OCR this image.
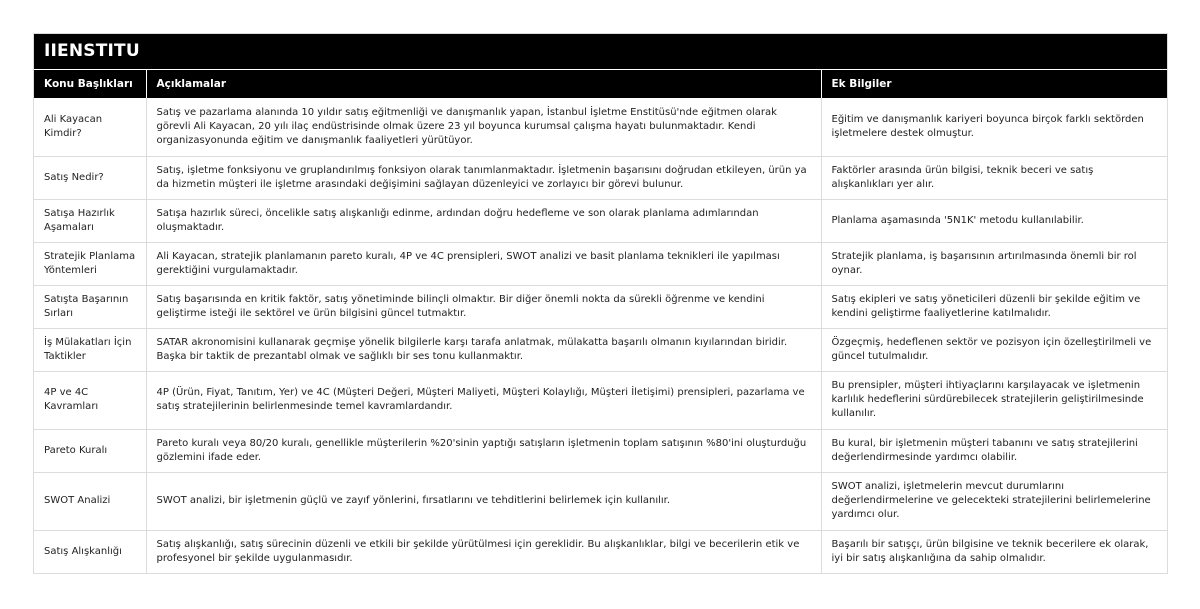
IIENSTITU
Konu Başlıkları	Açıklamalar	Ek Bilgiler
Ali Kayacan Kimdir?	Satış ve pazarlama alanında 10 yıldır satış eğitmenliği ve danışmanlık yapan, İstanbul İşletme Enstitüsü'nde eğitmen olarak görevli Ali Kayacan, 20 yılı ilaç endüstrisinde olmak üzere 23 yıl boyunca kurumsal çalışma hayatı bulunmaktadır. Kendi organizasyonunda eğitim ve danışmanlık faaliyetleri yürütüyor.	Eğitim ve danışmanlık kariyeri boyunca birçok farklı sektörden işletmelere destek olmuştur.
Satış Nedir?	Satış, işletme fonksiyonu ve gruplandırılmış fonksiyon olarak tanımlanmaktadır. İşletmenin başarısını doğrudan etkileyen, ürün ya da hizmetin müşteri ile işletme arasındaki değişimini sağlayan düzenleyici ve zorlayıcı bir görevi bulunur.	Faktörler arasında ürün bilgisi, teknik beceri ve satış alışkanlıkları yer alır.
Satışa Hazırlık Aşamaları	Satışa hazırlık süreci, öncelikle satış alışkanlığı edinme, ardından doğru hedefleme ve son olarak planlama adımlarından oluşmaktadır.	Planlama aşamasında '5N1K' metodu kullanılabilir.
Stratejik Planlama Yöntemleri	Ali Kayacan, stratejik planlamanın pareto kuralı, 4P ve 4C prensipleri, SWOT analizi ve basit planlama teknikleri ile yapılması gerektiğini vurgulamaktadır.	Stratejik planlama, iş başarısının artırılmasında önemli bir rol oynar.
Satışta Başarının Sırları	Satış başarısında en kritik faktör, satış yönetiminde bilinçli olmaktır. Bir diğer önemli nokta da sürekli öğrenme ve kendini geliştirme isteği ile sektörel ve ürün bilgisini güncel tutmaktır.	Satış ekipleri ve satış yöneticileri düzenli bir şekilde eğitim ve kendini geliştirme faaliyetlerine katılmalıdır.
İş Mülakatları İçin Taktikler	SATAR akronomisini kullanarak geçmişe yönelik bilgilerle karşı tarafa anlatmak, mülakatta başarılı olmanın kıyılarından biridir. Başka bir taktik de prezantabl olmak ve sağlıklı bir ses tonu kullanmaktır.	Özgeçmiş, hedeflenen sektör ve pozisyon için özelleştirilmeli ve güncel tutulmalıdır.
4P ve 4C Kavramları	4P (Ürün, Fiyat, Tanıtım, Yer) ve 4C (Müşteri Değeri, Müşteri Maliyeti, Müşteri Kolaylığı, Müşteri İletişimi) prensipleri, pazarlama ve satış stratejilerinin belirlenmesinde temel kavramlardandır.	Bu prensipler, müşteri ihtiyaçlarını karşılayacak ve işletmenin karlılık hedeflerini sürdürebilecek stratejilerin geliştirilmesinde kullanılır.
Pareto Kuralı	Pareto kuralı veya 80/20 kuralı, genellikle müşterilerin %20'sinin yaptığı satışların işletmenin toplam satışının %80'ini oluşturduğu gözlemini ifade eder.	Bu kural, bir işletmenin müşteri tabanını ve satış stratejilerini değerlendirmesinde yardımcı olabilir.
SWOT Analizi	SWOT analizi, bir işletmenin güçlü ve zayıf yönlerini, fırsatlarını ve tehditlerini belirlemek için kullanılır.	SWOT analizi, işletmelerin mevcut durumlarını değerlendirmelerine ve gelecekteki stratejilerini belirlemelerine yardımcı olur.
Satış Alışkanlığı	Satış alışkanlığı, satış sürecinin düzenli ve etkili bir şekilde yürütülmesi için gereklidir. Bu alışkanlıklar, bilgi ve becerilerin etik ve profesyonel bir şekilde uygulanmasıdır.	Başarılı bir satışçı, ürün bilgisine ve teknik becerilere ek olarak, iyi bir satış alışkanlığına da sahip olmalıdır.
